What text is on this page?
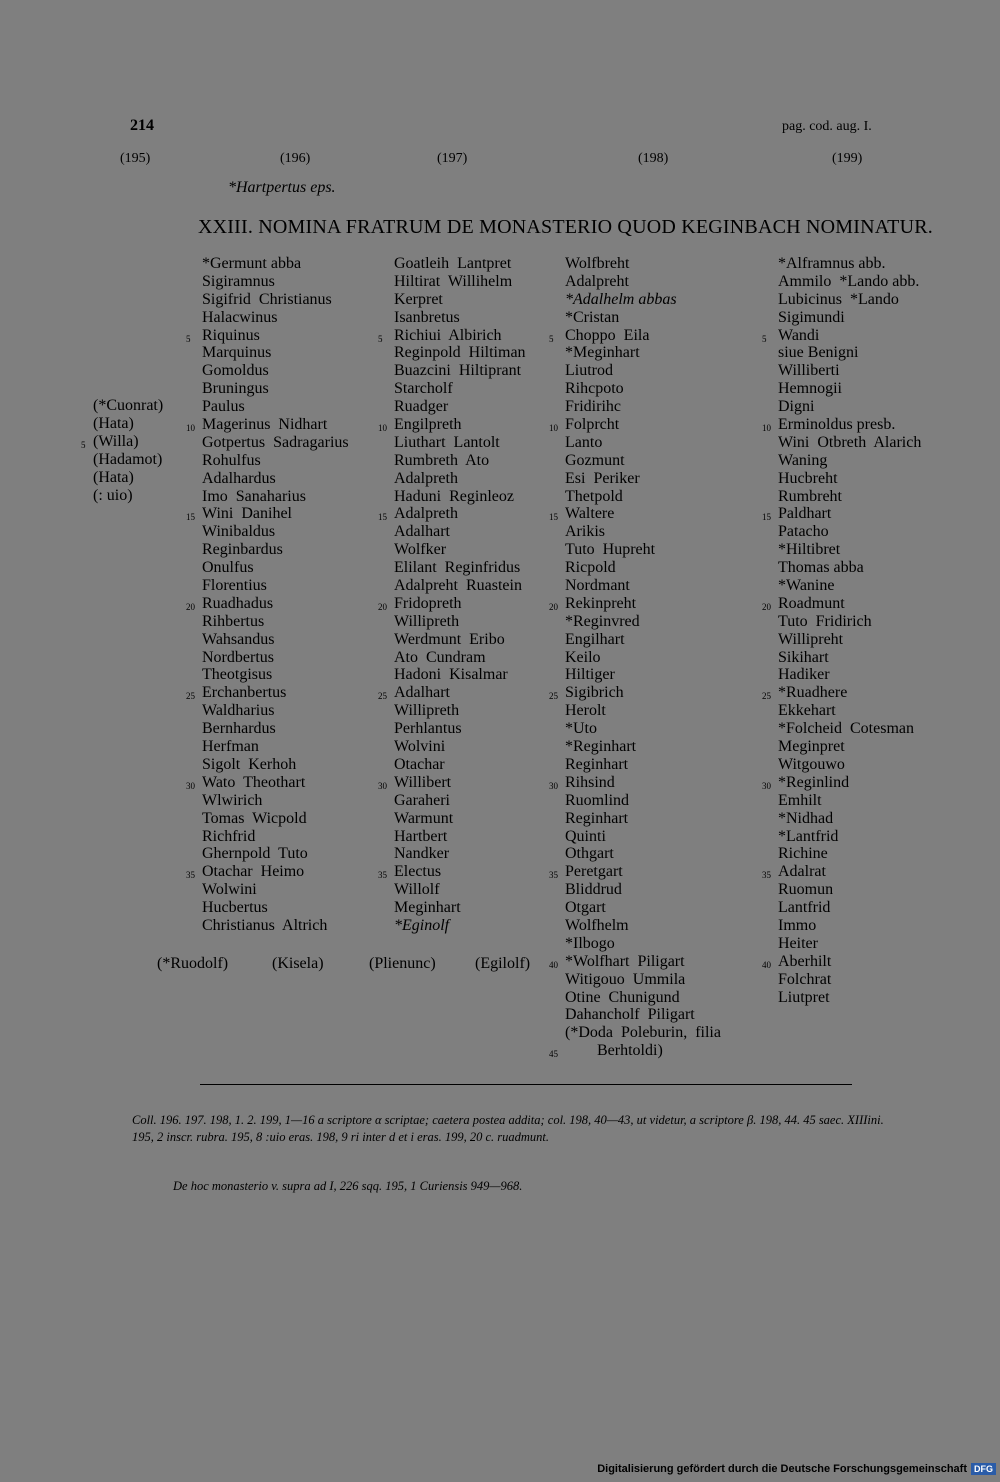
214	pag. cod. aug. I.
(195)	(196)	(197)	(198)	(199)
*Hartpertus eps.
XXIII. NOMINA FRATRUM DE MONASTERIO QUOD KEGINBACH NOMINATUR.
*Germunt abba
Sigiramnus
Sigifrid  Christianus
Halacwinus
5 Riquinus
Marquinus
Gomoldus
Bruningus
Paulus
10 Magerinus  Nidhart
Gotpertus  Sadragarius
Rohulfus
Adalhardus
Imo  Sanaharius
15 Wini  Danihel
Winibaldus
Reginbardus
Onulfus
Florentius
20 Ruadhadus
Rihbertus
Wahsandus
Nordbertus
Theotgisus
25 Erchanbertus
Waldharius
Bernhardus
Herfman
Sigolt  Kerhoh
30 Wato  Theothart
Wlwirich
Tomas  Wicpold
Richfrid
Ghernpold  Tuto
35 Otachar  Heimo
Wolwini
Hucbertus
Christianus  Altrich
Goatleih  Lantpret
Hiltirat  Willihelm
Kerpret
Isanbretus
5 Richiui  Albirich
Reginpold  Hiltiman
Buazcini  Hiltiprant
Starcholf
Ruadger
10 Engilpreth
Liuthart  Lantolt
Rumbreth  Ato
Adalpreth
Haduni  Reginleoz
15 Adalpreth
Adalhart
Wolfker
Elilant  Reginfridus
Adalpreht  Ruastein
20 Fridopreth
Willipreth
Werdmunt  Eribo
Ato  Cundram
Hadoni  Kisalmar
25 Adalhart
Willipreth
Perhlantus
Wolvini
Otachar
30 Willibert
Garaheri
Warmunt
Hartbert
Nandker
35 Electus
Willolf
Meginhart
*Eginolf
Wolfbreht
Adalpreht
*Adalhelm abbas
*Cristan
5 Choppo  Eila
*Meginhart
Liutrod
Rihcpoto
Fridirihc
10 Folprcht
Lanto
Gozmunt
Esi  Periker
Thetpold
15 Waltere
Arikis
Tuto  Hupreht
Ricpold
Nordmant
20 Rekinpreht
*Reginvred
Engilhart
Keilo
Hiltiger
25 Sigibrich
Herolt
*Uto
*Reginhart
Reginhart
30 Rihsind
Ruomlind
Reginhart
Quinti
Othgart
35 Peretgart
Bliddrud
Otgart
Wolfhelm
*Ilbogo
40 *Wolfhart  Piligart
Witigouo  Ummila
Otine  Chunigund
Dahancholf  Piligart
(*Doda  Poleburin,  filia
45 Berhtoldi)
*Alframnus abb.
Ammilo  *Lando abb.
Lubicinus  *Lando
Sigimundi
5 Wandi
siue Benigni
Williberti
Hemnogii
Digni
10 Erminoldus presb.
Wini  Otbreth  Alarich
Waning
Hucbreht
Rumbreht
15 Paldhart
Patacho
*Hiltibret
Thomas abba
*Wanine
20 Roadmunt
Tuto  Fridirich
Willipreht
Sikihart
Hadiker
25 *Ruadhere
Ekkehart
*Folcheid  Cotesman
Meginpret
Witgouwo
30 *Reginlind
Emhilt
*Nidhad
*Lantfrid
Richine
35 Adalrat
Ruomun
Lantfrid
Immo
Heiter
40 Aberhilt
Folchrat
Liutpret
(*Cuonrat)
(Hata)
5 (Willa)
(Hadamot)
(Hata)
(: uio)
(*Ruodolf)	(Kisela)	(Plienunc) (Egilolf)
Coll. 196. 197. 198, 1. 2. 199, 1—16 a scriptore α scriptae; caetera postea addita; col. 198, 40—43, ut videtur, a scriptore β. 198, 44. 45 saec. XIIIini. 195, 2 inscr. rubra. 195, 8 :uio eras. 198, 9 ri inter d et i eras. 199, 20 c. ruadmunt.
De hoc monasterio v. supra ad I, 226 sqq. 195, 1 Curiensis 949—968.
Digitalisierung gefördert durch die Deutsche Forschungsgemeinschaft DFG
